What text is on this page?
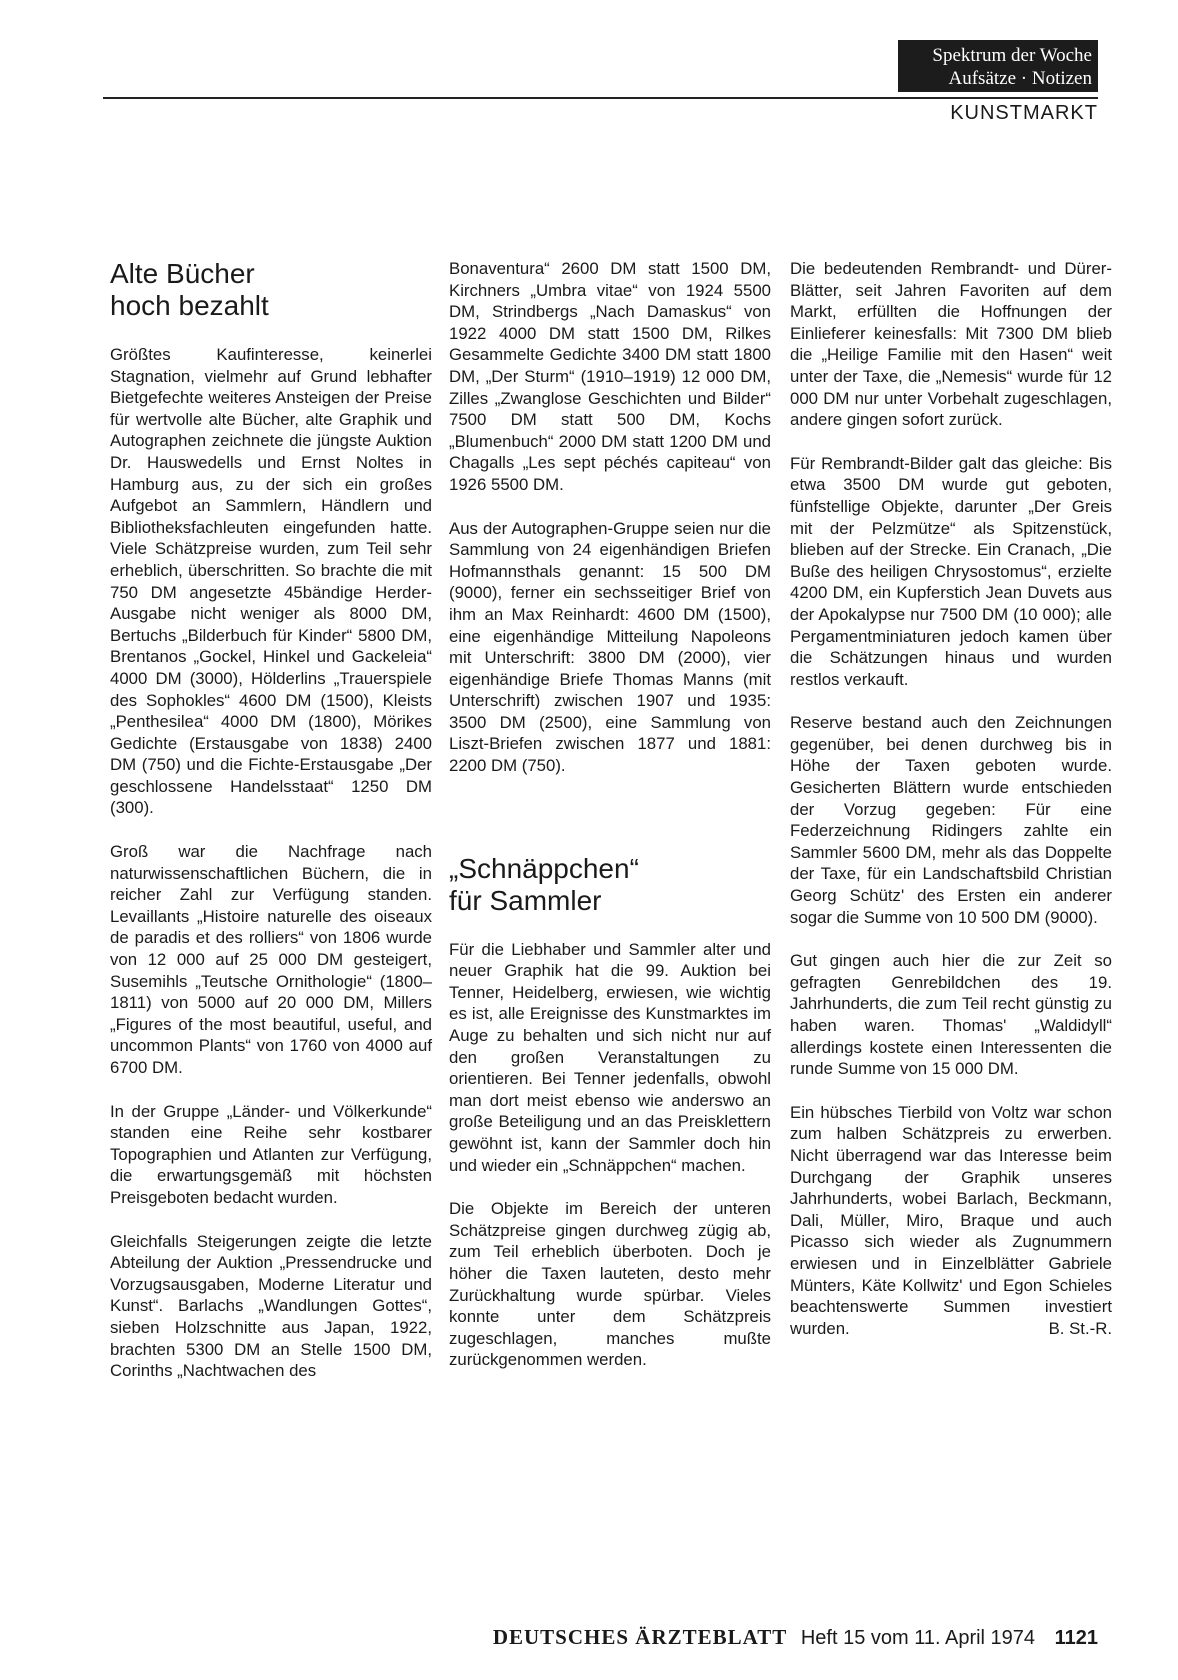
Spektrum der Woche
Aufsätze · Notizen
KUNSTMARKT
Alte Bücher
hoch bezahlt

Größtes Kaufinteresse, keinerlei Stagnation, vielmehr auf Grund lebhafter Bietgefechte weiteres Ansteigen der Preise für wertvolle alte Bücher, alte Graphik und Autographen zeichnete die jüngste Auktion Dr. Hauswedells und Ernst Noltes in Hamburg aus, zu der sich ein großes Aufgebot an Sammlern, Händlern und Bibliotheksfachleuten eingefunden hatte. Viele Schätzpreise wurden, zum Teil sehr erheblich, überschritten. So brachte die mit 750 DM angesetzte 45bändige Herder-Ausgabe nicht weniger als 8000 DM, Bertuchs „Bilderbuch für Kinder“ 5800 DM, Brentanos „Gockel, Hinkel und Gackeleia“ 4000 DM (3000), Hölderlins „Trauerspiele des Sophokles“ 4600 DM (1500), Kleists „Penthesilea“ 4000 DM (1800), Mörikes Gedichte (Erstausgabe von 1838) 2400 DM (750) und die Fichte-Erstausgabe „Der geschlossene Handelsstaat“ 1250 DM (300).

Groß war die Nachfrage nach naturwissenschaftlichen Büchern, die in reicher Zahl zur Verfügung standen. Levaillants „Histoire naturelle des oiseaux de paradis et des rolliers“ von 1806 wurde von 12 000 auf 25 000 DM gesteigert, Susemihls „Teutsche Ornithologie“ (1800–1811) von 5000 auf 20 000 DM, Millers „Figures of the most beautiful, useful, and uncommon Plants“ von 1760 von 4000 auf 6700 DM.

In der Gruppe „Länder- und Völkerkunde“ standen eine Reihe sehr kostbarer Topographien und Atlanten zur Verfügung, die erwartungsgemäß mit höchsten Preisgeboten bedacht wurden.

Gleichfalls Steigerungen zeigte die letzte Abteilung der Auktion „Pressendrucke und Vorzugsausgaben, Moderne Literatur und Kunst“. Barlachs „Wandlungen Gottes“, sieben Holzschnitte aus Japan, 1922, brachten 5300 DM an Stelle 1500 DM, Corinths „Nachtwachen des

Bonaventura“ 2600 DM statt 1500 DM, Kirchners „Umbra vitae“ von 1924 5500 DM, Strindbergs „Nach Damaskus“ von 1922 4000 DM statt 1500 DM, Rilkes Gesammelte Gedichte 3400 DM statt 1800 DM, „Der Sturm“ (1910–1919) 12 000 DM, Zilles „Zwanglose Geschichten und Bilder“ 7500 DM statt 500 DM, Kochs „Blumenbuch“ 2000 DM statt 1200 DM und Chagalls „Les sept péchés capiteau“ von 1926 5500 DM.

Aus der Autographen-Gruppe seien nur die Sammlung von 24 eigenhändigen Briefen Hofmannsthals genannt: 15 500 DM (9000), ferner ein sechsseitiger Brief von ihm an Max Reinhardt: 4600 DM (1500), eine eigenhändige Mitteilung Napoleons mit Unterschrift: 3800 DM (2000), vier eigenhändige Briefe Thomas Manns (mit Unterschrift) zwischen 1907 und 1935: 3500 DM (2500), eine Sammlung von Liszt-Briefen zwischen 1877 und 1881: 2200 DM (750).

„Schnäppchen“
für Sammler

Für die Liebhaber und Sammler alter und neuer Graphik hat die 99. Auktion bei Tenner, Heidelberg, erwiesen, wie wichtig es ist, alle Ereignisse des Kunstmarktes im Auge zu behalten und sich nicht nur auf den großen Veranstaltungen zu orientieren. Bei Tenner jedenfalls, obwohl man dort meist ebenso wie anderswo an große Beteiligung und an das Preisklettern gewöhnt ist, kann der Sammler doch hin und wieder ein „Schnäppchen“ machen.

Die Objekte im Bereich der unteren Schätzpreise gingen durchweg zügig ab, zum Teil erheblich überboten. Doch je höher die Taxen lauteten, desto mehr Zurückhaltung wurde spürbar. Vieles konnte unter dem Schätzpreis zugeschlagen, manches mußte zurückgenommen werden.

Die bedeutenden Rembrandt- und Dürer-Blätter, seit Jahren Favoriten auf dem Markt, erfüllten die Hoffnungen der Einlieferer keinesfalls: Mit 7300 DM blieb die „Heilige Familie mit den Hasen“ weit unter der Taxe, die „Nemesis“ wurde für 12 000 DM nur unter Vorbehalt zugeschlagen, andere gingen sofort zurück.

Für Rembrandt-Bilder galt das gleiche: Bis etwa 3500 DM wurde gut geboten, fünfstellige Objekte, darunter „Der Greis mit der Pelzmütze“ als Spitzenstück, blieben auf der Strecke. Ein Cranach, „Die Buße des heiligen Chrysostomus“, erzielte 4200 DM, ein Kupferstich Jean Duvets aus der Apokalypse nur 7500 DM (10 000); alle Pergamentminiaturen jedoch kamen über die Schätzungen hinaus und wurden restlos verkauft.

Reserve bestand auch den Zeichnungen gegenüber, bei denen durchweg bis in Höhe der Taxen geboten wurde. Gesicherten Blättern wurde entschieden der Vorzug gegeben: Für eine Federzeichnung Ridingers zahlte ein Sammler 5600 DM, mehr als das Doppelte der Taxe, für ein Landschaftsbild Christian Georg Schütz' des Ersten ein anderer sogar die Summe von 10 500 DM (9000).

Gut gingen auch hier die zur Zeit so gefragten Genrebildchen des 19. Jahrhunderts, die zum Teil recht günstig zu haben waren. Thomas' „Waldidyll“ allerdings kostete einen Interessenten die runde Summe von 15 000 DM.

Ein hübsches Tierbild von Voltz war schon zum halben Schätzpreis zu erwerben. Nicht überragend war das Interesse beim Durchgang der Graphik unseres Jahrhunderts, wobei Barlach, Beckmann, Dali, Müller, Miro, Braque und auch Picasso sich wieder als Zugnummern erwiesen und in Einzelblätter Gabriele Münters, Käte Kollwitz' und Egon Schieles beachtenswerte Summen investiert wurden.	B. St.-R.

DEUTSCHES ÄRZTEBLATT Heft 15 vom 11. April 1974 1121
